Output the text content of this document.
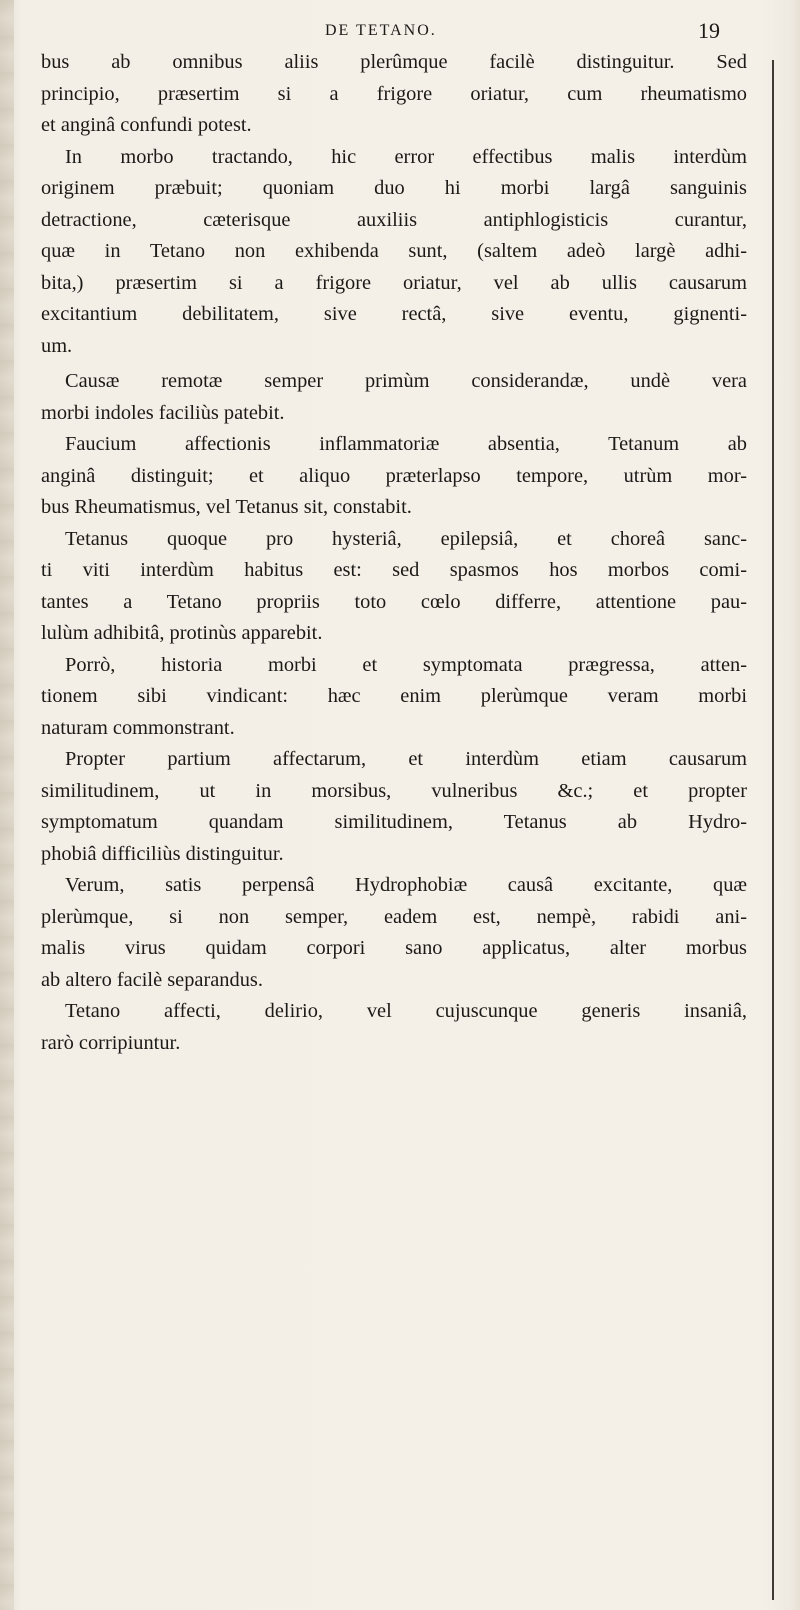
DE TETANO.	19

bus ab omnibus aliis plerûmque facilè distinguitur. Sed
principio, præsertim si a frigore oriatur, cum rheumatismo
et anginâ confundi potest.

In morbo tractando, hic error effectibus malis interdùm
originem præbuit; quoniam duo hi morbi largâ sanguinis
detractione, cæterisque auxiliis antiphlogisticis curantur,
quæ in Tetano non exhibenda sunt, (saltem adeò largè adhi-
bita,) præsertim si a frigore oriatur, vel ab ullis causarum
excitantium debilitatem, sive rectâ, sive eventu, gignenti-
um.

Causæ remotæ semper primùm considerandæ, undè vera
morbi indoles faciliùs patebit.

Faucium affectionis inflammatoriæ absentia, Tetanum ab
anginâ distinguit; et aliquo præterlapso tempore, utrùm mor-
bus Rheumatismus, vel Tetanus sit, constabit.

Tetanus quoque pro hysteriâ, epilepsiâ, et choreâ sanc-
ti viti interdùm habitus est: sed spasmos hos morbos comi-
tantes a Tetano propriis toto cœlo differre, attentione pau-
lulùm adhibitâ, protinùs apparebit.

Porrò, historia morbi et symptomata prægressa, atten-
tionem sibi vindicant: hæc enim plerùmque veram morbi
naturam commonstrant.

Propter partium affectarum, et interdùm etiam causarum
similitudinem, ut in morsibus, vulneribus &c.; et propter
symptomatum quandam similitudinem, Tetanus ab Hydro-
phobiâ difficiliùs distinguitur.

Verum, satis perpensâ Hydrophobiæ causâ excitante, quæ
plerùmque, si non semper, eadem est, nempè, rabidi ani-
malis virus quidam corpori sano applicatus, alter morbus
ab altero facilè separandus.

Tetano affecti, delirio, vel cujuscunque generis insaniâ,
rarò corripiuntur.
